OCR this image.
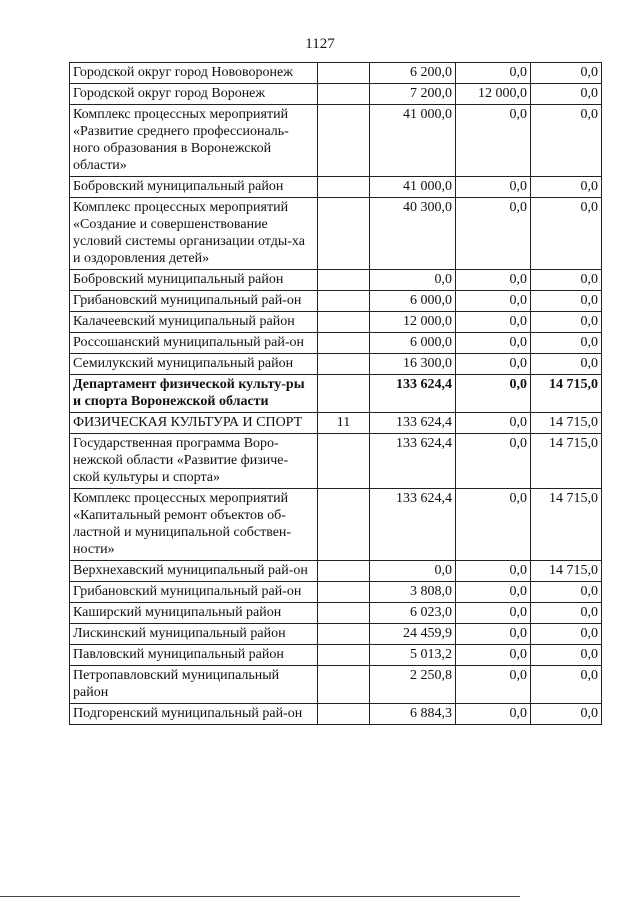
1127
Городской округ город Нововоронеж		6 200,0	0,0	0,0
Городской округ город Воронеж		7 200,0	12 000,0	0,0
Комплекс процессных мероприятий «Развитие среднего профессиональ-ного образования в Воронежской области»		41 000,0	0,0	0,0
Бобровский муниципальный район		41 000,0	0,0	0,0
Комплекс процессных мероприятий «Создание и совершенствование условий системы организации отды-ха и оздоровления детей»		40 300,0	0,0	0,0
Бобровский муниципальный район		0,0	0,0	0,0
Грибановский муниципальный рай-он		6 000,0	0,0	0,0
Калачеевский муниципальный район		12 000,0	0,0	0,0
Россошанский муниципальный рай-он		6 000,0	0,0	0,0
Семилукский муниципальный район		16 300,0	0,0	0,0
Департамент физической культу-ры и спорта Воронежской области		133 624,4	0,0	14 715,0
ФИЗИЧЕСКАЯ КУЛЬТУРА И СПОРТ	11	133 624,4	0,0	14 715,0
Государственная программа Воро-нежской области «Развитие физиче-ской культуры и спорта»		133 624,4	0,0	14 715,0
Комплекс процессных мероприятий «Капитальный ремонт объектов об-ластной и муниципальной собствен-ности»		133 624,4	0,0	14 715,0
Верхнехавский муниципальный рай-он		0,0	0,0	14 715,0
Грибановский муниципальный рай-он		3 808,0	0,0	0,0
Каширский муниципальный район		6 023,0	0,0	0,0
Лискинский муниципальный район		24 459,9	0,0	0,0
Павловский муниципальный район		5 013,2	0,0	0,0
Петропавловский муниципальный район		2 250,8	0,0	0,0
Подгоренский муниципальный рай-он		6 884,3	0,0	0,0
